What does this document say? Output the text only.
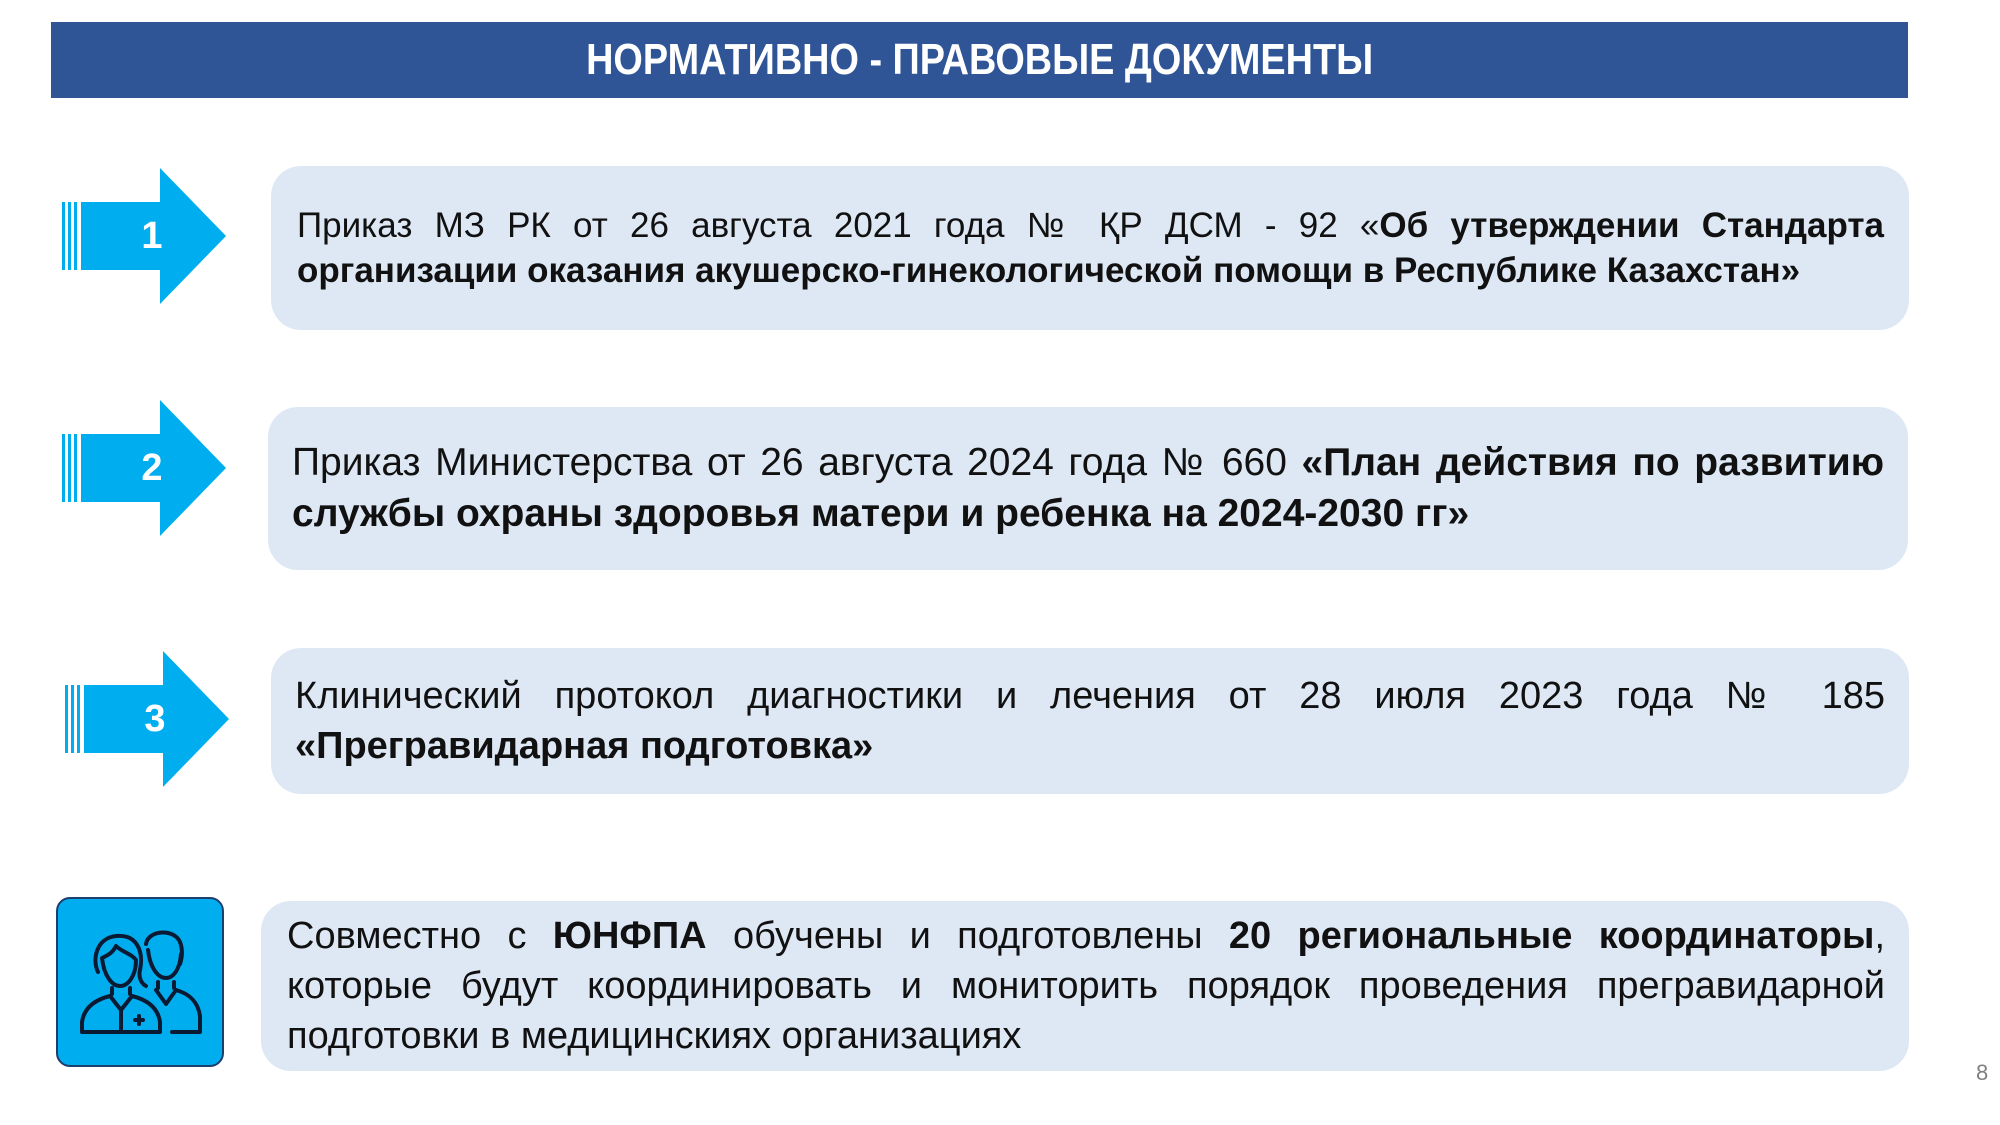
НОРМАТИВНО - ПРАВОВЫЕ ДОКУМЕНТЫ
1	Приказ МЗ РК от 26 августа 2021 года № ҚР ДСМ - 92 «Об утверждении Стандарта организации оказания акушерско-гинекологической помощи в Республике Казахстан»

2	Приказ Министерства от 26 августа 2024 года № 660 «План действия по развитию службы охраны здоровья матери и ребенка на 2024-2030 гг»

3

Клинический протокол диагностики и лечения от 28 июля 2023 года № 185 «Прегравидарная подготовка»

Совместно с ЮНФПА обучены и подготовлены 20 региональные координаторы, которые будут координировать и мониторить порядок проведения прегравидарной подготовки в медицинскиях организациях

8
